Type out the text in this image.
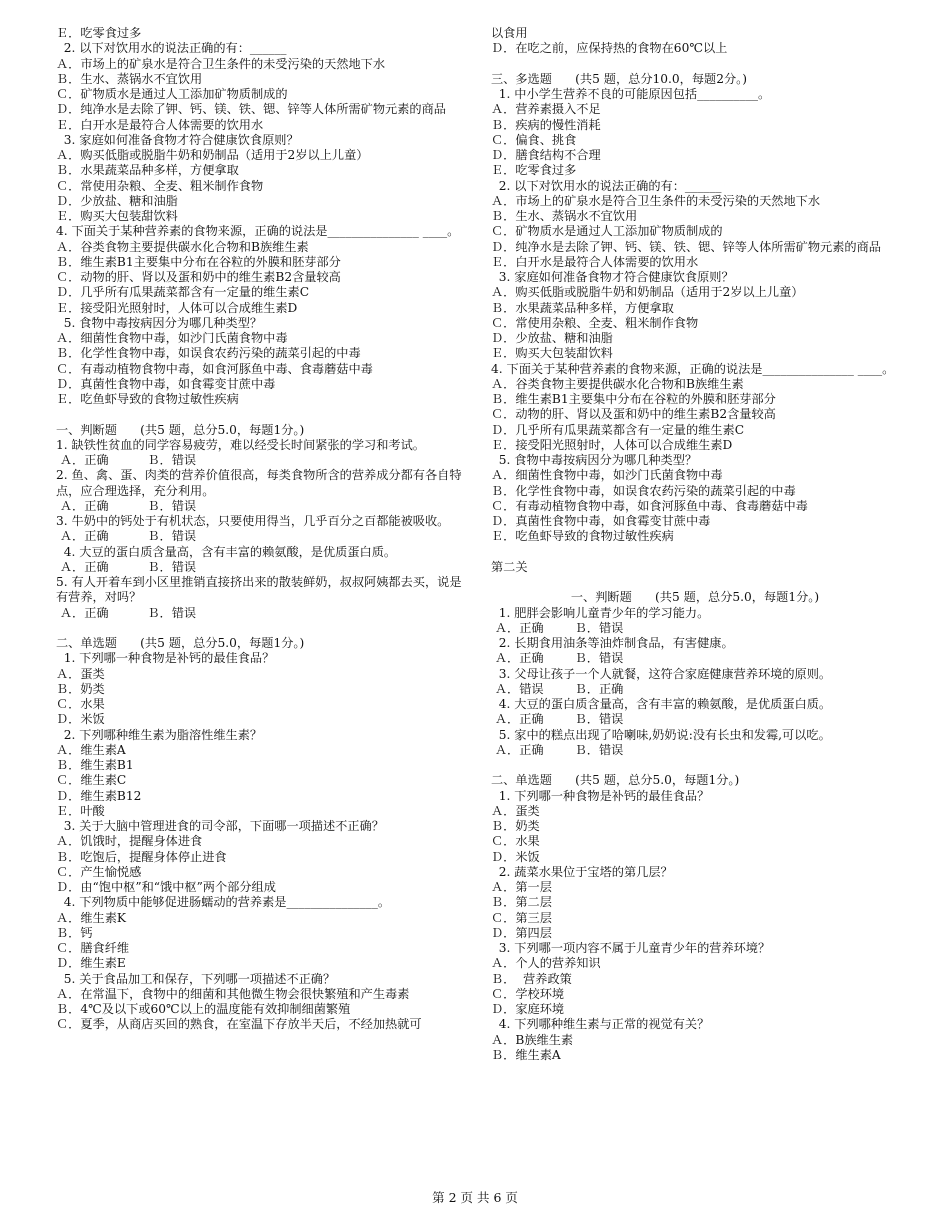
Ｅ．吃零食过多
2. 以下对饮用水的说法正确的有：______
Ａ．市场上的矿泉水是符合卫生条件的未受污染的天然地下水
Ｂ．生水、蒸锅水不宜饮用
Ｃ．矿物质水是通过人工添加矿物质制成的
Ｄ．纯净水是去除了钾、钙、镁、铁、锶、锌等人体所需矿物元素的商品
Ｅ．白开水是最符合人体需要的饮用水
3. 家庭如何准备食物才符合健康饮食原则？
Ａ．购买低脂或脱脂牛奶和奶制品（适用于2岁以上儿童）
Ｂ．水果蔬菜品种多样，方便拿取
Ｃ．常使用杂粮、全麦、粗米制作食物
Ｄ．少放盐、糖和油脂
Ｅ．购买大包装甜饮料
4. 下面关于某种营养素的食物来源，正确的说法是_______________ ____。
Ａ．谷类食物主要提供碳水化合物和B族维生素
Ｂ．维生素B1主要集中分布在谷粒的外膜和胚芽部分
Ｃ．动物的肝、肾以及蛋和奶中的维生素B2含量较高
Ｄ．几乎所有瓜果蔬菜都含有一定量的维生素C
Ｅ．接受阳光照射时，人体可以合成维生素D
5. 食物中毒按病因分为哪几种类型？
Ａ．细菌性食物中毒，如沙门氏菌食物中毒
Ｂ．化学性食物中毒，如误食农药污染的蔬菜引起的中毒
Ｃ．有毒动植物食物中毒，如食河豚鱼中毒、食毒蘑菇中毒
Ｄ．真菌性食物中毒，如食霉变甘蔗中毒
Ｅ．吃鱼虾导致的食物过敏性疾病
一、判断题      (共5 题，总分5.0，每题1分。)
1. 缺铁性贫血的同学容易疲劳，难以经受长时间紧张的学习和考试。
Ａ．正确          Ｂ．错误
2. 鱼、禽、蛋、肉类的营养价值很高，每类食物所含的营养成分都有各自特点，应合理选择，充分利用。
Ａ．正确          Ｂ．错误
3. 牛奶中的钙处于有机状态，只要使用得当，几乎百分之百都能被吸收。
Ａ．正确          Ｂ．错误
4. 大豆的蛋白质含量高，含有丰富的赖氨酸，是优质蛋白质。
Ａ．正确          Ｂ．错误
5. 有人开着车到小区里推销直接挤出来的散装鲜奶，叔叔阿姨都去买，说是有营养，对吗？
Ａ．正确          Ｂ．错误
二、单选题      (共5 题，总分5.0，每题1分。)
1. 下列哪一种食物是补钙的最佳食品？
Ａ．蛋类
Ｂ．奶类
Ｃ．水果
Ｄ．米饭
2. 下列哪种维生素为脂溶性维生素？
Ａ．维生素A
Ｂ．维生素B1
Ｃ．维生素C
Ｄ．维生素B12
Ｅ．叶酸
3. 关于大脑中管理进食的司令部，下面哪一项描述不正确？
Ａ．饥饿时，提醒身体进食
Ｂ．吃饱后，提醒身体停止进食
Ｃ．产生愉悦感
Ｄ．由“饱中枢”和“饿中枢”两个部分组成
4. 下列物质中能够促进肠蠕动的营养素是_______________。
Ａ．维生素K
Ｂ．钙
Ｃ．膳食纤维
Ｄ．维生素E
5. 关于食品加工和保存，下列哪一项描述不正确？
Ａ．在常温下，食物中的细菌和其他微生物会很快繁殖和产生毒素
Ｂ．4℃及以下或60℃以上的温度能有效抑制细菌繁殖
Ｃ．夏季，从商店买回的熟食，在室温下存放半天后，不经加热就可
以食用
Ｄ．在吃之前，应保持热的食物在60℃以上
三、多选题      (共5 题，总分10.0，每题2分。)
1. 中小学生营养不良的可能原因包括__________。
Ａ．营养素摄入不足
Ｂ．疾病的慢性消耗
Ｃ．偏食、挑食
Ｄ．膳食结构不合理
Ｅ．吃零食过多
2. 以下对饮用水的说法正确的有：______
Ａ．市场上的矿泉水是符合卫生条件的未受污染的天然地下水
Ｂ．生水、蒸锅水不宜饮用
Ｃ．矿物质水是通过人工添加矿物质制成的
Ｄ．纯净水是去除了钾、钙、镁、铁、锶、锌等人体所需矿物元素的商品
Ｅ．白开水是最符合人体需要的饮用水
3. 家庭如何准备食物才符合健康饮食原则？
Ａ．购买低脂或脱脂牛奶和奶制品（适用于2岁以上儿童）
Ｂ．水果蔬菜品种多样，方便拿取
Ｃ．常使用杂粮、全麦、粗米制作食物
Ｄ．少放盐、糖和油脂
Ｅ．购买大包装甜饮料
4. 下面关于某种营养素的食物来源，正确的说法是_______________ ____。
Ａ．谷类食物主要提供碳水化合物和B族维生素
Ｂ．维生素B1主要集中分布在谷粒的外膜和胚芽部分
Ｃ．动物的肝、肾以及蛋和奶中的维生素B2含量较高
Ｄ．几乎所有瓜果蔬菜都含有一定量的维生素C
Ｅ．接受阳光照射时，人体可以合成维生素D
5. 食物中毒按病因分为哪几种类型？
Ａ．细菌性食物中毒，如沙门氏菌食物中毒
Ｂ．化学性食物中毒，如误食农药污染的蔬菜引起的中毒
Ｃ．有毒动植物食物中毒，如食河豚鱼中毒、食毒蘑菇中毒
Ｄ．真菌性食物中毒，如食霉变甘蔗中毒
Ｅ．吃鱼虾导致的食物过敏性疾病
第二关
一、判断题      (共5 题，总分5.0，每题1分。)
1. 肥胖会影响儿童青少年的学习能力。
Ａ．正确        Ｂ．错误
2. 长期食用油条等油炸制食品，有害健康。
Ａ．正确        Ｂ．错误
3. 父母让孩子一个人就餐，这符合家庭健康营养环境的原则。
Ａ．错误        Ｂ．正确
4. 大豆的蛋白质含量高，含有丰富的赖氨酸，是优质蛋白质。
Ａ．正确        Ｂ．错误
5. 家中的糕点出现了哈喇味,奶奶说:没有长虫和发霉,可以吃。
Ａ．正确        Ｂ．错误
二、单选题      (共5 题，总分5.0，每题1分。)
1. 下列哪一种食物是补钙的最佳食品？
Ａ．蛋类
Ｂ．奶类
Ｃ．水果
Ｄ．米饭
2. 蔬菜水果位于宝塔的第几层？
Ａ．第一层
Ｂ．第二层
Ｃ．第三层
Ｄ．第四层
3. 下列哪一项内容不属于儿童青少年的营养环境？
Ａ．个人的营养知识
Ｂ．  营养政策
Ｃ．学校环境
Ｄ．家庭环境
4. 下列哪种维生素与正常的视觉有关？
Ａ．B族维生素
Ｂ．维生素A
第 2 页 共 6 页
